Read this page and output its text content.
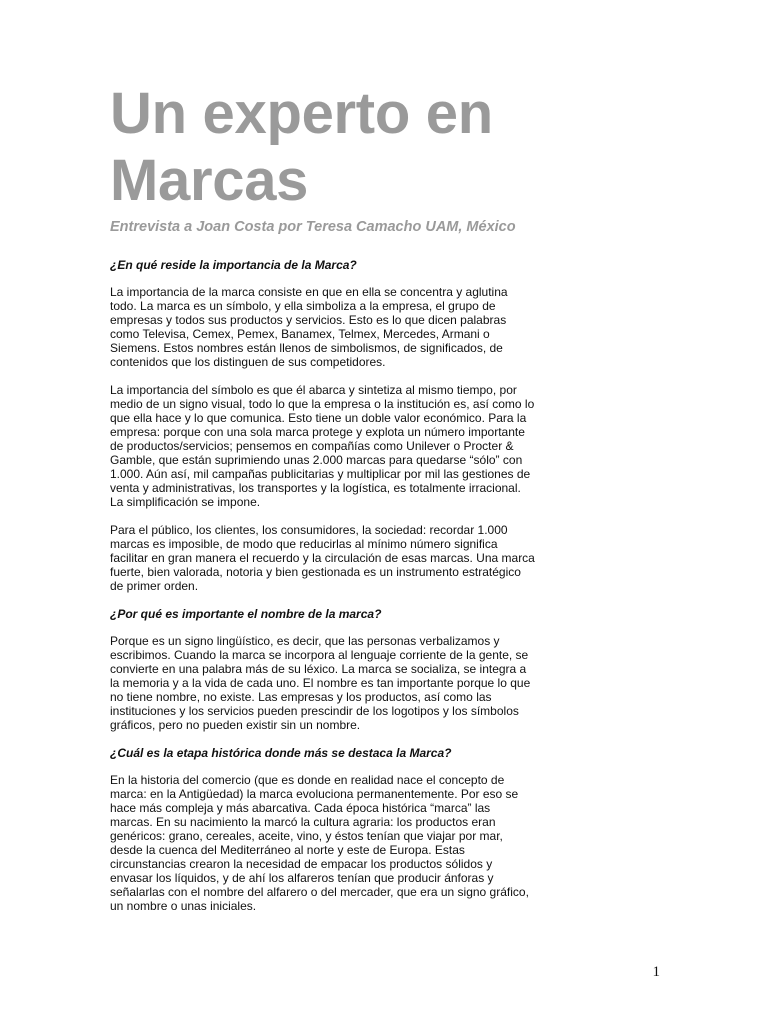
Un experto en
Marcas

Entrevista a Joan Costa por Teresa Camacho UAM, México

¿En qué reside la importancia de la Marca?

La importancia de la marca consiste en que en ella se concentra y aglutina
todo. La marca es un símbolo, y ella simboliza a la empresa, el grupo de
empresas y todos sus productos y servicios. Esto es lo que dicen palabras
como Televisa, Cemex, Pemex, Banamex, Telmex, Mercedes, Armani o
Siemens. Estos nombres están llenos de simbolismos, de significados, de
contenidos que los distinguen de sus competidores.
La importancia del símbolo es que él abarca y sintetiza al mismo tiempo, por
medio de un signo visual, todo lo que la empresa o la institución es, así como lo
que ella hace y lo que comunica. Esto tiene un doble valor económico. Para la
empresa: porque con una sola marca protege y explota un número importante
de productos/servicios; pensemos en compañías como Unilever o Procter &
Gamble, que están suprimiendo unas 2.000 marcas para quedarse “sólo” con
1.000. Aún así, mil campañas publicitarias y multiplicar por mil las gestiones de
venta y administrativas, los transportes y la logística, es totalmente irracional.
La simplificación se impone.
Para el público, los clientes, los consumidores, la sociedad: recordar 1.000
marcas es imposible, de modo que reducirlas al mínimo número significa
facilitar en gran manera el recuerdo y la circulación de esas marcas. Una marca
fuerte, bien valorada, notoria y bien gestionada es un instrumento estratégico
de primer orden.

¿Por qué es importante el nombre de la marca?

Porque es un signo lingüístico, es decir, que las personas verbalizamos y
escribimos. Cuando la marca se incorpora al lenguaje corriente de la gente, se
convierte en una palabra más de su léxico. La marca se socializa, se integra a
la memoria y a la vida de cada uno. El nombre es tan importante porque lo que
no tiene nombre, no existe. Las empresas y los productos, así como las
instituciones y los servicios pueden prescindir de los logotipos y los símbolos
gráficos, pero no pueden existir sin un nombre.

¿Cuál es la etapa histórica donde más se destaca la Marca?

En la historia del comercio (que es donde en realidad nace el concepto de
marca: en la Antigüedad) la marca evoluciona permanentemente. Por eso se
hace más compleja y más abarcativa. Cada época histórica “marca” las
marcas. En su nacimiento la marcó la cultura agraria: los productos eran
genéricos: grano, cereales, aceite, vino, y éstos tenían que viajar por mar,
desde la cuenca del Mediterráneo al norte y este de Europa. Estas
circunstancias crearon la necesidad de empacar los productos sólidos y
envasar los líquidos, y de ahí los alfareros tenían que producir ánforas y
señalarlas con el nombre del alfarero o del mercader, que era un signo gráfico,
un nombre o unas iniciales.
1
